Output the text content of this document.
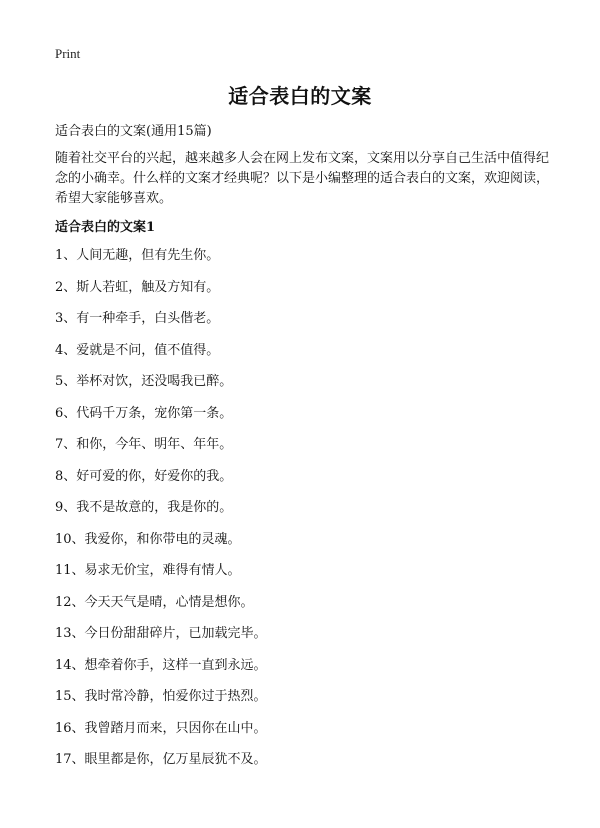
Print
适合表白的文案
适合表白的文案(通用15篇)
随着社交平台的兴起，越来越多人会在网上发布文案，文案用以分享自己生活中值得纪念的小确幸。什么样的文案才经典呢？以下是小编整理的适合表白的文案，欢迎阅读，希望大家能够喜欢。
适合表白的文案1
1、人间无趣，但有先生你。
2、斯人若虹，触及方知有。
3、有一种牵手，白头偕老。
4、爱就是不问，值不值得。
5、举杯对饮，还没喝我已醉。
6、代码千万条，宠你第一条。
7、和你，今年、明年、年年。
8、好可爱的你，好爱你的我。
9、我不是故意的，我是你的。
10、我爱你，和你带电的灵魂。
11、易求无价宝，难得有情人。
12、今天天气是晴，心情是想你。
13、今日份甜甜碎片，已加载完毕。
14、想牵着你手，这样一直到永远。
15、我时常冷静，怕爱你过于热烈。
16、我曾踏月而来，只因你在山中。
17、眼里都是你，亿万星辰犹不及。
